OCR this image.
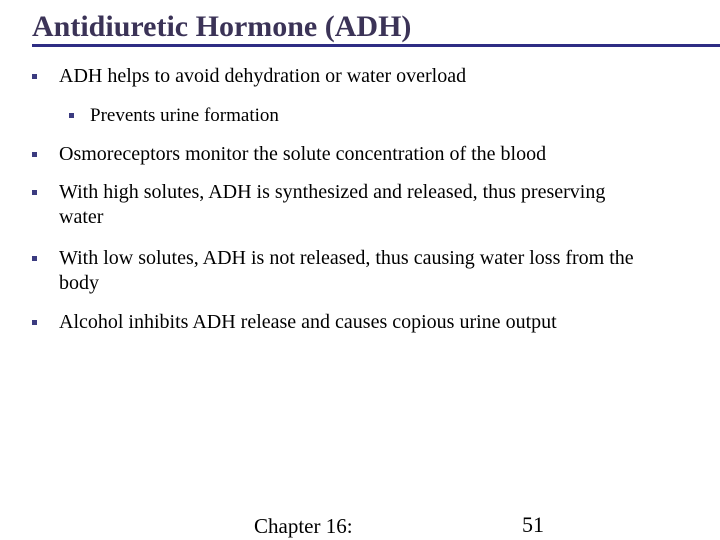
Antidiuretic Hormone (ADH)
ADH helps to avoid dehydration or water overload
Prevents urine formation
Osmoreceptors monitor the solute concentration of the blood
With high solutes, ADH is synthesized and released, thus preserving
water
With low solutes, ADH is not released, thus causing water loss from the
body
Alcohol inhibits ADH release and causes copious urine output
Chapter 16:	51
